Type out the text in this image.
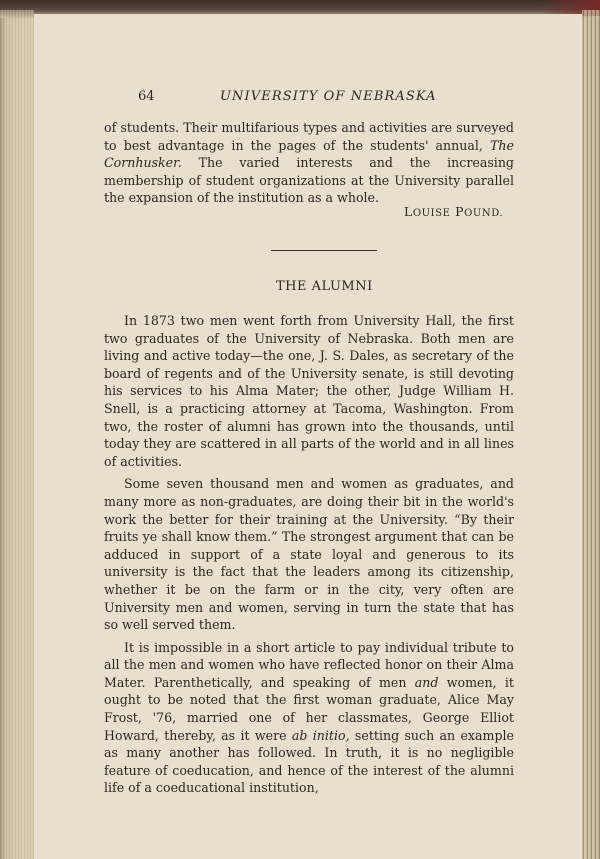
64	UNIVERSITY OF NEBRASKA

of students. Their multifarious types and activities are surveyed to best advantage in the pages of the students' annual, The Cornhusker. The varied interests and the increasing membership of student organizations at the University parallel the expansion of the institution as a whole.

LOUISE POUND.
THE ALUMNI

In 1873 two men went forth from University Hall, the first two graduates of the University of Nebraska. Both men are living and active today—the one, J. S. Dales, as secretary of the board of regents and of the University senate, is still devoting his services to his Alma Mater; the other, Judge William H. Snell, is a practicing attorney at Tacoma, Washington. From two, the roster of alumni has grown into the thousands, until today they are scattered in all parts of the world and in all lines of activities.

Some seven thousand men and women as graduates, and many more as non-graduates, are doing their bit in the world's work the better for their training at the University. “By their fruits ye shall know them.” The strongest argument that can be adduced in support of a state loyal and generous to its university is the fact that the leaders among its citizenship, whether it be on the farm or in the city, very often are University men and women, serving in turn the state that has so well served them.

It is impossible in a short article to pay individual tribute to all the men and women who have reflected honor on their Alma Mater. Parenthetically, and speaking of men and women, it ought to be noted that the first woman graduate, Alice May Frost, '76, married one of her classmates, George Elliot Howard, thereby, as it were ab initio, setting such an example as many another has followed. In truth, it is no negligible feature of coeducation, and hence of the interest of the alumni life of a coeducational institution,
